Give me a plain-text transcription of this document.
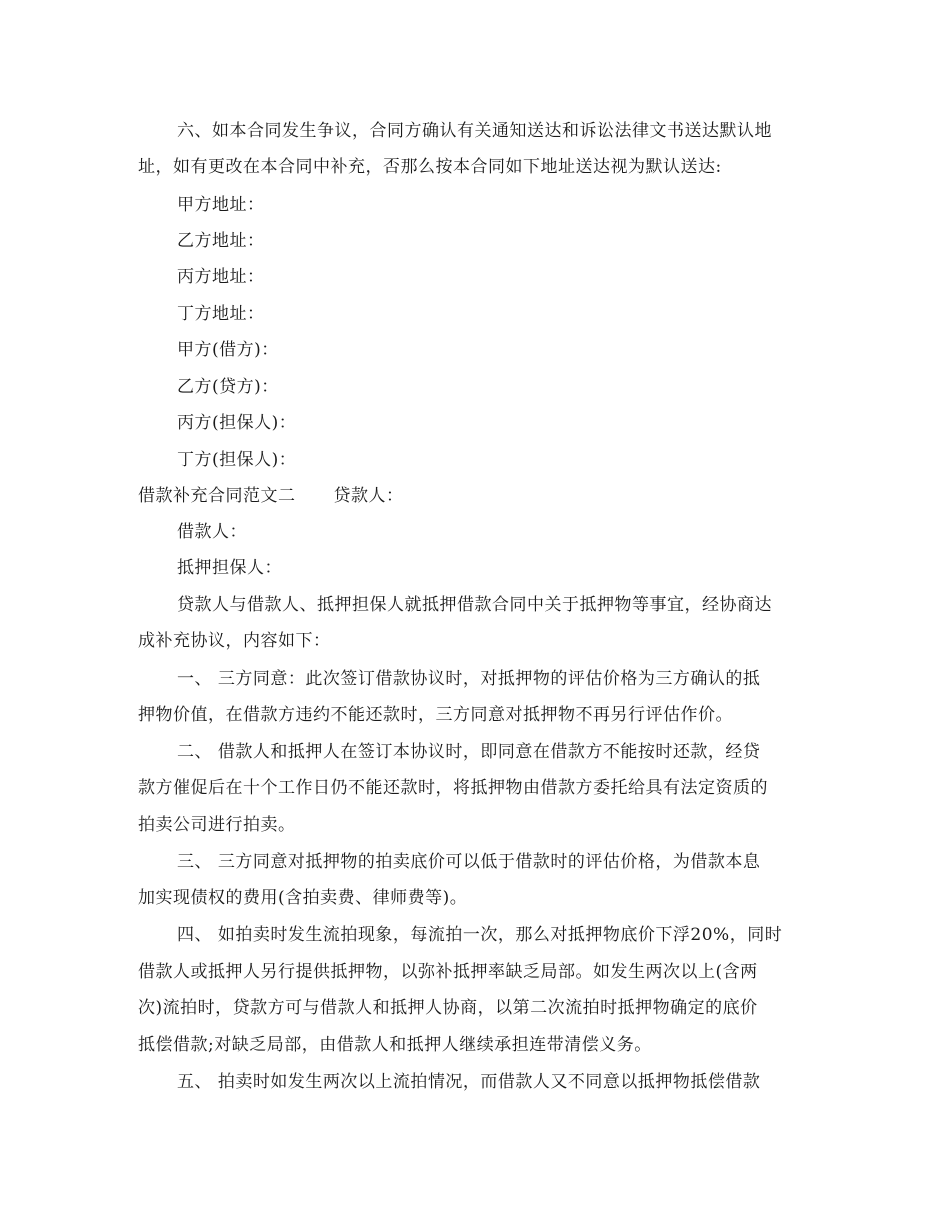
六、如本合同发生争议，合同方确认有关通知送达和诉讼法律文书送达默认地
址，如有更改在本合同中补充，否那么按本合同如下地址送达视为默认送达:
甲方地址：
乙方地址：
丙方地址：
丁方地址：
甲方(借方)：
乙方(贷方)：
丙方(担保人)：
丁方(担保人)：
借款补充合同范文二 贷款人：
借款人：
抵押担保人：
贷款人与借款人、抵押担保人就抵押借款合同中关于抵押物等事宜，经协商达
成补充协议，内容如下：
一、 三方同意：此次签订借款协议时，对抵押物的评估价格为三方确认的抵
押物价值，在借款方违约不能还款时，三方同意对抵押物不再另行评估作价。
二、 借款人和抵押人在签订本协议时，即同意在借款方不能按时还款，经贷
款方催促后在十个工作日仍不能还款时，将抵押物由借款方委托给具有法定资质的
拍卖公司进行拍卖。
三、 三方同意对抵押物的拍卖底价可以低于借款时的评估价格，为借款本息
加实现债权的费用(含拍卖费、律师费等)。
四、 如拍卖时发生流拍现象，每流拍一次，那么对抵押物底价下浮20%，同时
借款人或抵押人另行提供抵押物，以弥补抵押率缺乏局部。如发生两次以上(含两
次)流拍时，贷款方可与借款人和抵押人协商，以第二次流拍时抵押物确定的底价
抵偿借款;对缺乏局部，由借款人和抵押人继续承担连带清偿义务。
五、 拍卖时如发生两次以上流拍情况，而借款人又不同意以抵押物抵偿借款
